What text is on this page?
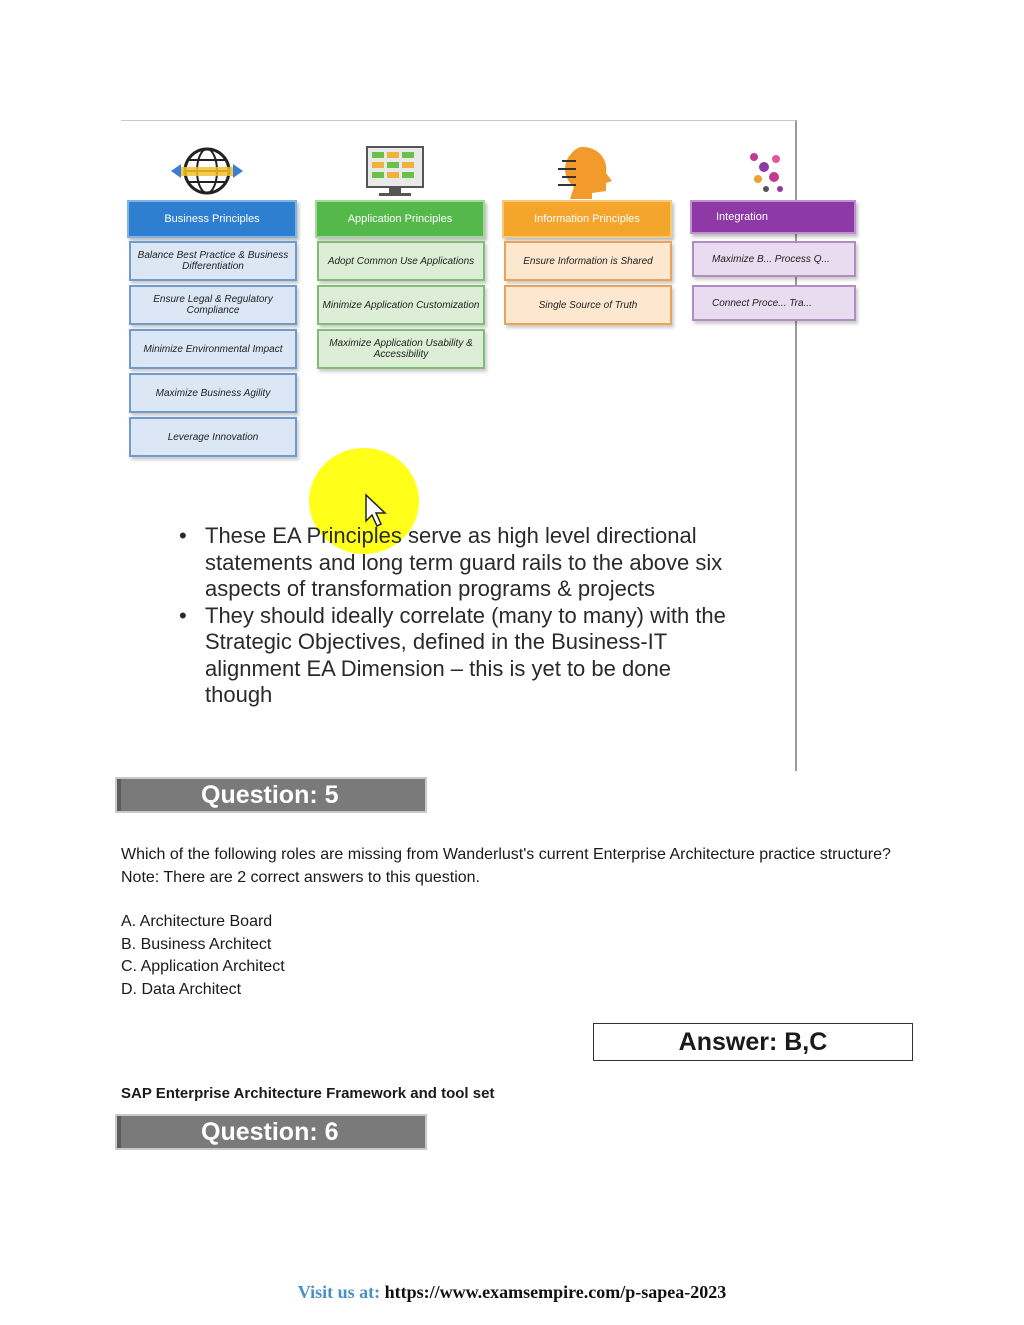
Business Principles
Balance Best Practice & Business Differentiation
Ensure Legal & Regulatory Compliance
Minimize Environmental Impact
Maximize Business Agility
Leverage Innovation
Application Principles
Adopt Common Use Applications
Minimize Application Customization
Maximize Application Usability & Accessibility
Information Principles
Ensure Information is Shared
Single Source of Truth
Integration
Maximize B... Process Q...
Connect Proce... Tra...
• These EA Principles serve as high level directional statements and long term guard rails to the above six aspects of transformation programs & projects
• They should ideally correlate (many to many) with the Strategic Objectives, defined in the Business-IT alignment EA Dimension – this is yet to be done though
Question: 5

Which of the following roles are missing from Wanderlust's current Enterprise Architecture practice structure? Note: There are 2 correct answers to this question.

A. Architecture Board
B. Business Architect
C. Application Architect
D. Data Architect
Answer: B,C
SAP Enterprise Architecture Framework and tool set
Question: 6
Visit us at: https://www.examsempire.com/p-sapea-2023
